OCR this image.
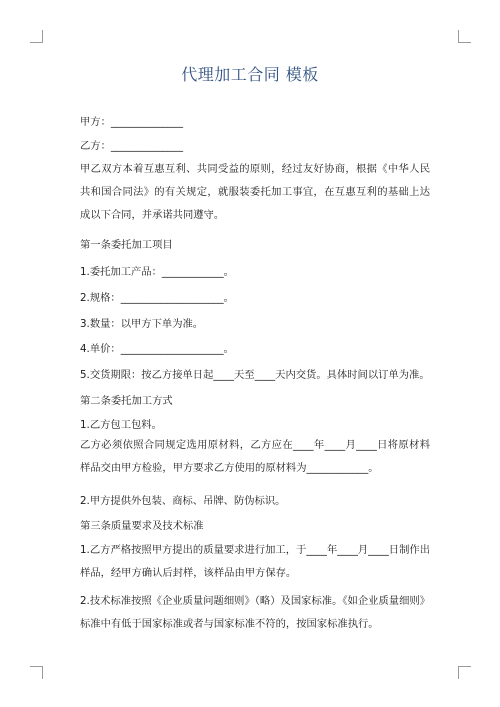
代理加工合同 模板
甲方：______________
乙方：______________
甲乙双方本着互惠互利、共同受益的原则，经过友好协商，根据《中华人民共和国合同法》的有关规定，就服装委托加工事宜，在互惠互利的基础上达成以下合同，并承诺共同遵守。
第一条委托加工项目
1.委托加工产品：____________。
2.规格：____________________。
3.数量：以甲方下单为准。
4.单价：____________________。
5.交货期限：按乙方接单日起____天至____天内交货。具体时间以订单为准。
第二条委托加工方式
1.乙方包工包料。
乙方必须依照合同规定选用原材料，乙方应在____年____月____日将原材料样品交由甲方检验，甲方要求乙方使用的原材料为____________。
2.甲方提供外包装、商标、吊牌、防伪标识。
第三条质量要求及技术标准
1.乙方严格按照甲方提出的质量要求进行加工，于____年____月____日制作出样品，经甲方确认后封样，该样品由甲方保存。
2.技术标准按照《企业质量问题细则》（略）及国家标准。《如企业质量细则》标准中有低于国家标准或者与国家标准不符的，按国家标准执行。
